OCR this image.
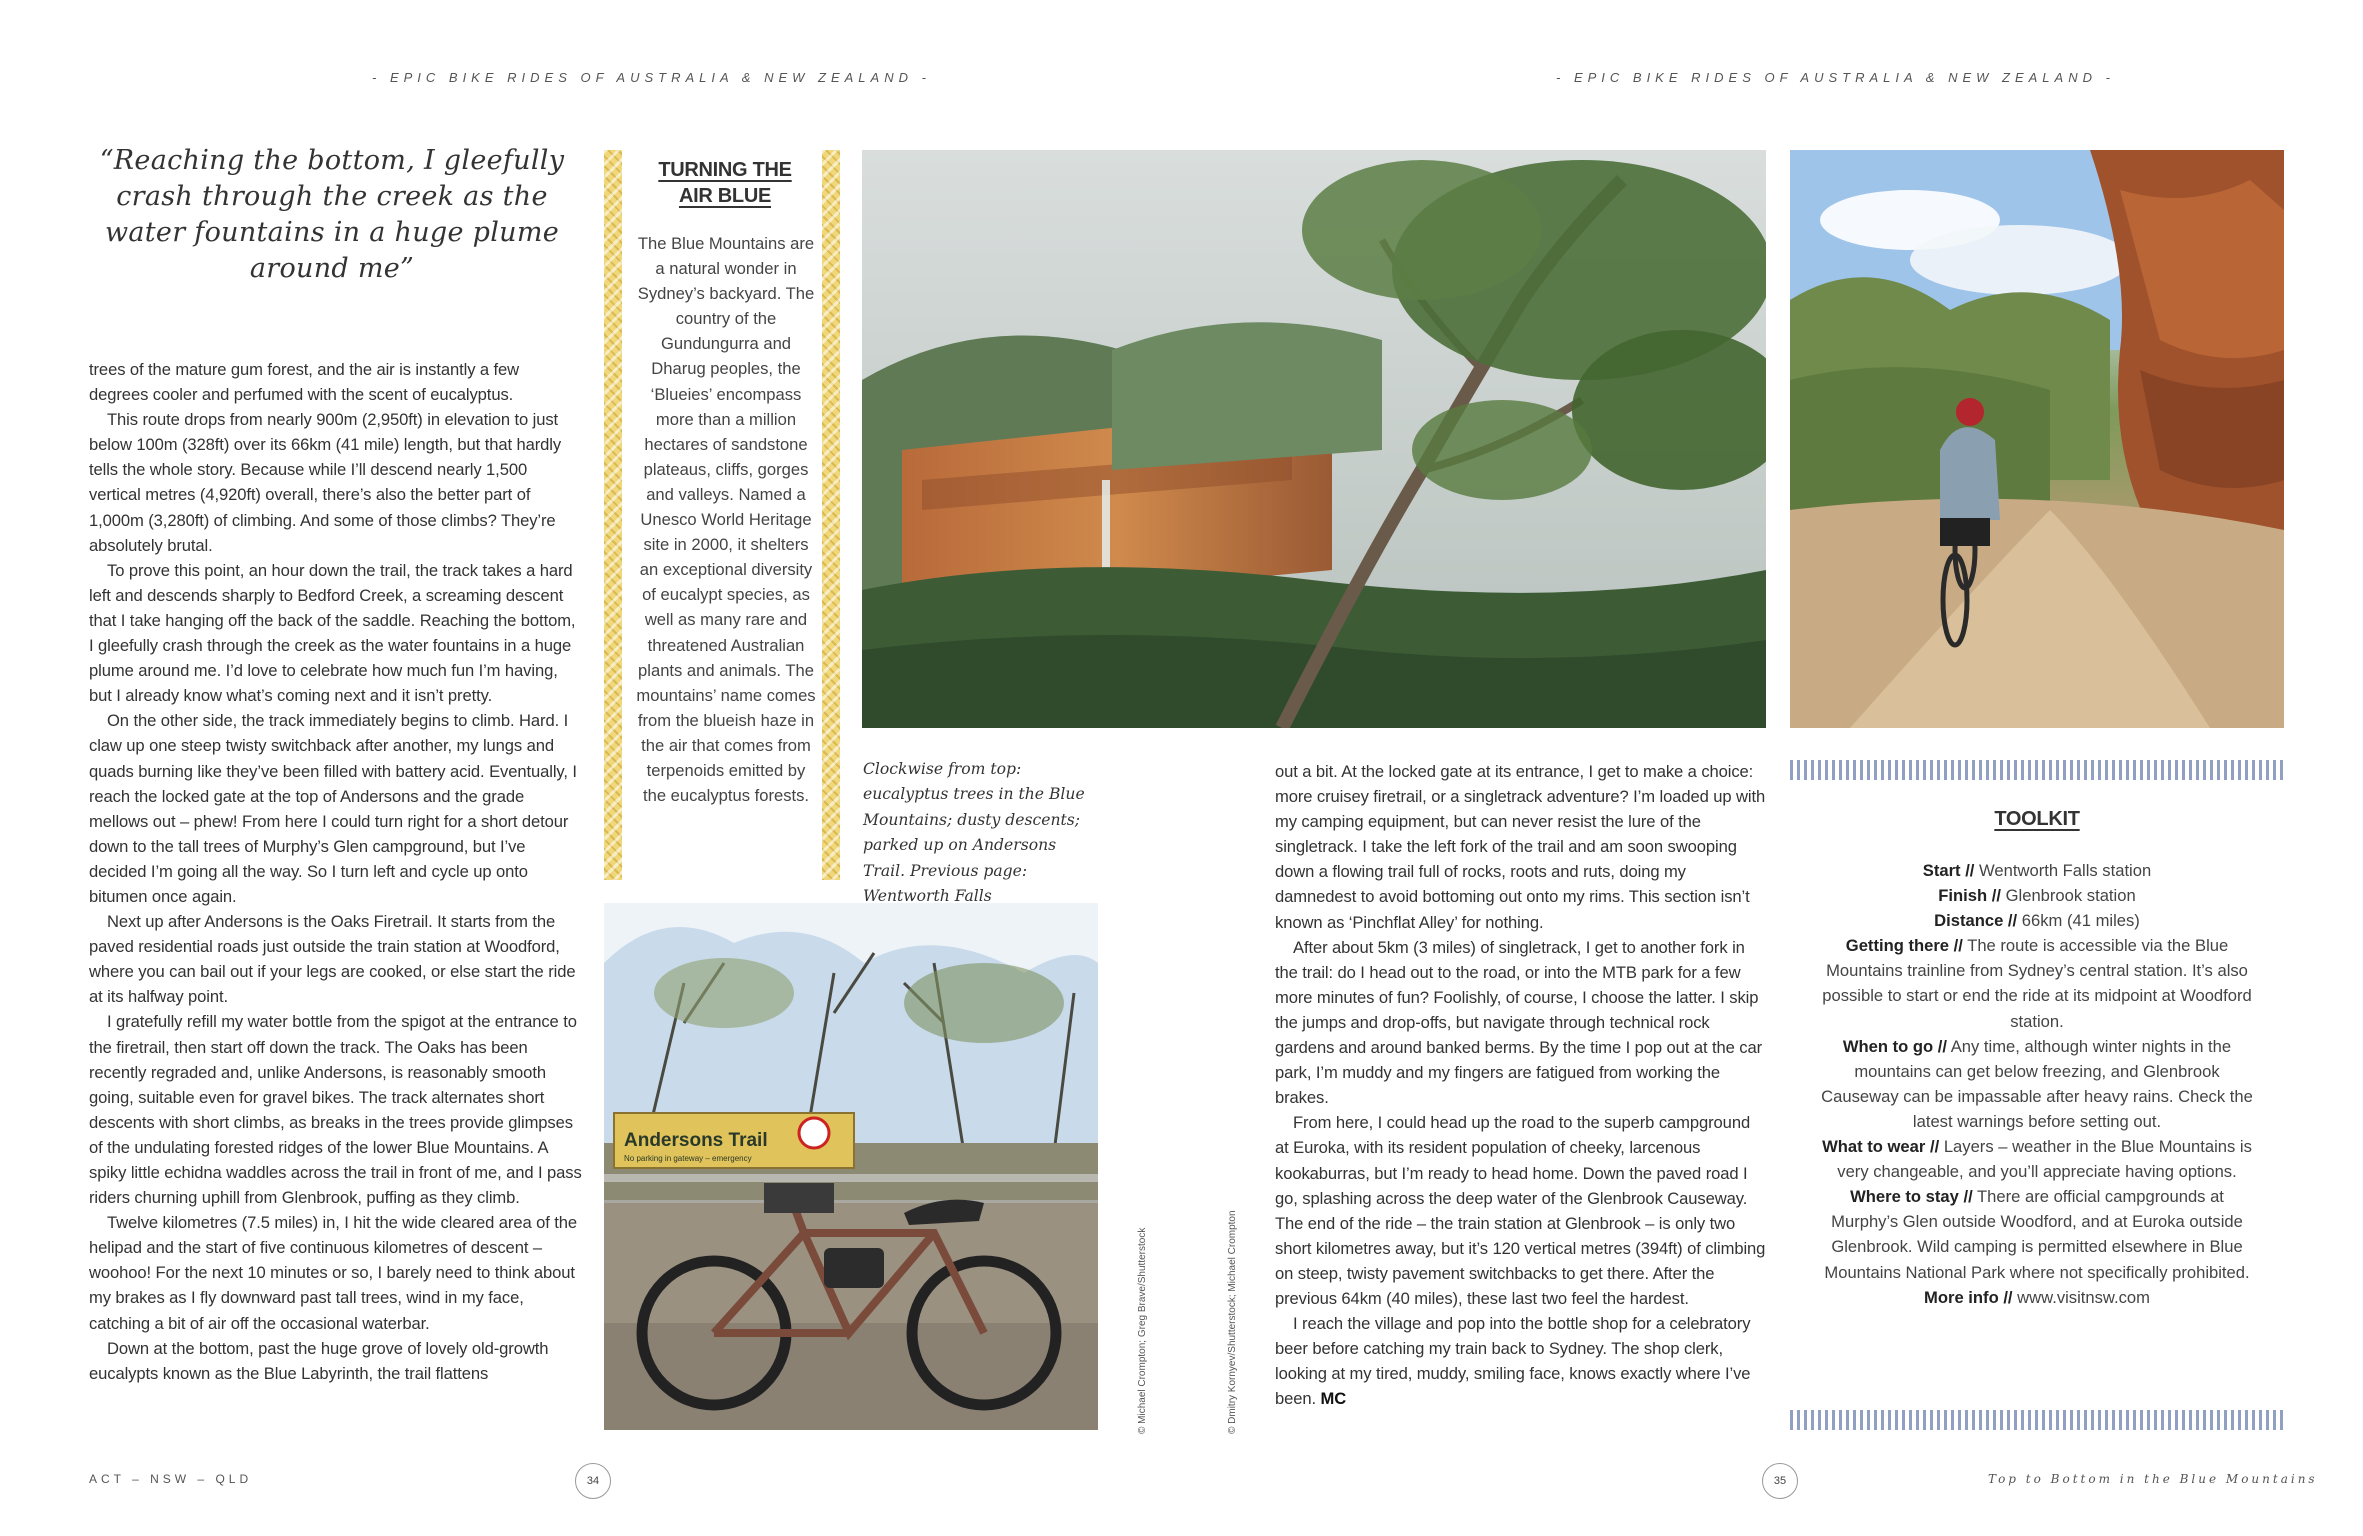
- EPIC BIKE RIDES OF AUSTRALIA & NEW ZEALAND -	- EPIC BIKE RIDES OF AUSTRALIA & NEW ZEALAND -
“Reaching the bottom, I gleefully crash through the creek as the water fountains in a huge plume around me”

trees of the mature gum forest, and the air is instantly a few degrees cooler and perfumed with the scent of eucalyptus.

This route drops from nearly 900m (2,950ft) in elevation to just below 100m (328ft) over its 66km (41 mile) length, but that hardly tells the whole story. Because while I’ll descend nearly 1,500 vertical metres (4,920ft) overall, there’s also the better part of 1,000m (3,280ft) of climbing. And some of those climbs? They’re absolutely brutal.

To prove this point, an hour down the trail, the track takes a hard left and descends sharply to Bedford Creek, a screaming descent that I take hanging off the back of the saddle. Reaching the bottom, I gleefully crash through the creek as the water fountains in a huge plume around me. I’d love to celebrate how much fun I’m having, but I already know what’s coming next and it isn’t pretty.

On the other side, the track immediately begins to climb. Hard. I claw up one steep twisty switchback after another, my lungs and quads burning like they’ve been filled with battery acid. Eventually, I reach the locked gate at the top of Andersons and the grade mellows out – phew! From here I could turn right for a short detour down to the tall trees of Murphy’s Glen campground, but I’ve decided I’m going all the way. So I turn left and cycle up onto bitumen once again.

Next up after Andersons is the Oaks Firetrail. It starts from the paved residential roads just outside the train station at Woodford, where you can bail out if your legs are cooked, or else start the ride at its halfway point.

I gratefully refill my water bottle from the spigot at the entrance to the firetrail, then start off down the track. The Oaks has been recently regraded and, unlike Andersons, is reasonably smooth going, suitable even for gravel bikes. The track alternates short descents with short climbs, as breaks in the trees provide glimpses of the undulating forested ridges of the lower Blue Mountains. A spiky little echidna waddles across the trail in front of me, and I pass riders churning uphill from Glenbrook, puffing as they climb.

Twelve kilometres (7.5 miles) in, I hit the wide cleared area of the helipad and the start of five continuous kilometres of descent – woohoo! For the next 10 minutes or so, I barely need to think about my brakes as I fly downward past tall trees, wind in my face, catching a bit of air off the occasional waterbar.

Down at the bottom, past the huge grove of lovely old-growth eucalypts known as the Blue Labyrinth, the trail flattens

TURNING THE
AIR BLUE
The Blue Mountains are a natural wonder in Sydney’s backyard. The country of the Gundungurra and Dharug peoples, the ‘Blueies’ encompass more than a million hectares of sandstone plateaus, cliffs, gorges and valleys. Named a Unesco World Heritage site in 2000, it shelters an exceptional diversity of eucalypt species, as well as many rare and threatened Australian plants and animals. The mountains’ name comes from the blueish haze in the air that comes from terpenoids emitted by the eucalyptus forests.
Andersons Trail
No parking in gateway – emergency
Clockwise from top: eucalyptus trees in the Blue Mountains; dusty descents; parked up on Andersons Trail. Previous page: Wentworth Falls
© Michael Crompton; Greg Brave/Shutterstock	© Dmitry Kornyev/Shutterstock; Michael Crompton

out a bit. At the locked gate at its entrance, I get to make a choice: more cruisey firetrail, or a singletrack adventure? I’m loaded up with my camping equipment, but can never resist the lure of the singletrack. I take the left fork of the trail and am soon swooping down a flowing trail full of rocks, roots and ruts, doing my damnedest to avoid bottoming out onto my rims. This section isn’t known as ‘Pinchflat Alley’ for nothing.

After about 5km (3 miles) of singletrack, I get to another fork in the trail: do I head out to the road, or into the MTB park for a few more minutes of fun? Foolishly, of course, I choose the latter. I skip the jumps and drop-offs, but navigate through technical rock gardens and around banked berms. By the time I pop out at the car park, I’m muddy and my fingers are fatigued from working the brakes.

From here, I could head up the road to the superb campground at Euroka, with its resident population of cheeky, larcenous kookaburras, but I’m ready to head home. Down the paved road I go, splashing across the deep water of the Glenbrook Causeway. The end of the ride – the train station at Glenbrook – is only two short kilometres away, but it’s 120 vertical metres (394ft) of climbing on steep, twisty pavement switchbacks to get there. After the previous 64km (40 miles), these last two feel the hardest.

I reach the village and pop into the bottle shop for a celebratory beer before catching my train back to Sydney. The shop clerk, looking at my tired, muddy, smiling face, knows exactly where I’ve been. MC

TOOLKIT
Start // Wentworth Falls station
Finish // Glenbrook station
Distance // 66km (41 miles)
Getting there // The route is accessible via the Blue Mountains trainline from Sydney’s central station. It’s also possible to start or end the ride at its midpoint at Woodford station.
When to go // Any time, although winter nights in the mountains can get below freezing, and Glenbrook Causeway can be impassable after heavy rains. Check the latest warnings before setting out.
What to wear // Layers – weather in the Blue Mountains is very changeable, and you’ll appreciate having options.
Where to stay // There are official campgrounds at Murphy’s Glen outside Woodford, and at Euroka outside Glenbrook. Wild camping is permitted elsewhere in Blue Mountains National Park where not specifically prohibited.
More info // www.visitnsw.com
ACT – NSW – QLD	34	35	Top to Bottom in the Blue Mountains
